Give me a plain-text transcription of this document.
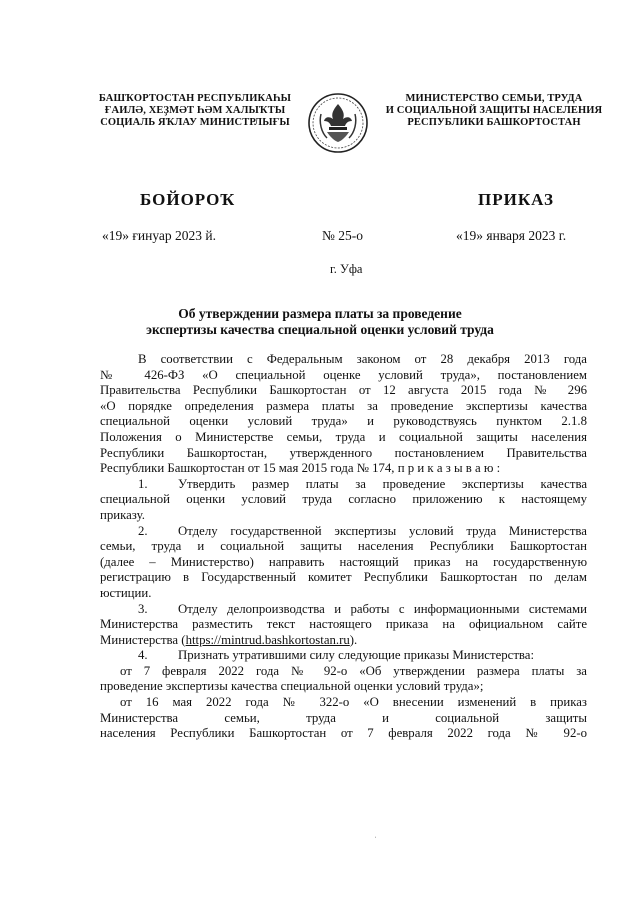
БАШҠОРТОСТАН РЕСПУБЛИКАҺЫ
ҒАИЛӘ, ХЕҘМӘТ ҺӘМ ХАЛЫҠТЫ
СОЦИАЛЬ ЯҠЛАУ МИНИСТРЛЫҒЫ
МИНИСТЕРСТВО СЕМЬИ, ТРУДА
И СОЦИАЛЬНОЙ ЗАЩИТЫ НАСЕЛЕНИЯ
РЕСПУБЛИКИ БАШКОРТОСТАН
БОЙОРОҠ	ПРИКАЗ
«19» ғинуар 2023 й.	№ 25-о	«19» января 2023 г.
г. Уфа
Об утверждении размера платы за проведение
экспертизы качества специальной оценки условий труда
В соответствии с Федеральным законом от 28 декабря 2013 года
№ 426-ФЗ «О специальной оценке условий труда», постановлением
Правительства Республики Башкортостан от 12 августа 2015 года № 296
«О порядке определения размера платы за проведение экспертизы качества
специальной оценки условий труда» и руководствуясь пунктом 2.1.8
Положения о Министерстве семьи, труда и социальной защиты населения
Республики Башкортостан, утвержденного постановлением Правительства
Республики Башкортостан от 15 мая 2015 года № 174, п р и к а з ы в а ю :
1. Утвердить размер платы за проведение экспертизы качества
специальной оценки условий труда согласно приложению к настоящему
приказу.
2. Отделу государственной экспертизы условий труда Министерства
семьи, труда и социальной защиты населения Республики Башкортостан
(далее – Министерство) направить настоящий приказ на государственную
регистрацию в Государственный комитет Республики Башкортостан по делам
юстиции.
3. Отделу делопроизводства и работы с информационными системами
Министерства разместить текст настоящего приказа на официальном сайте
Министерства (https://mintrud.bashkortostan.ru).
4. Признать утратившими силу следующие приказы Министерства:
от 7 февраля 2022 года № 92-о «Об утверждении размера платы за
проведение экспертизы качества специальной оценки условий труда»;
от 16 мая 2022 года № 322-о «О внесении изменений в приказ
Министерства семьи, труда и социальной защиты
населения Республики Башкортостан от 7 февраля 2022 года № 92-о
ˌ
